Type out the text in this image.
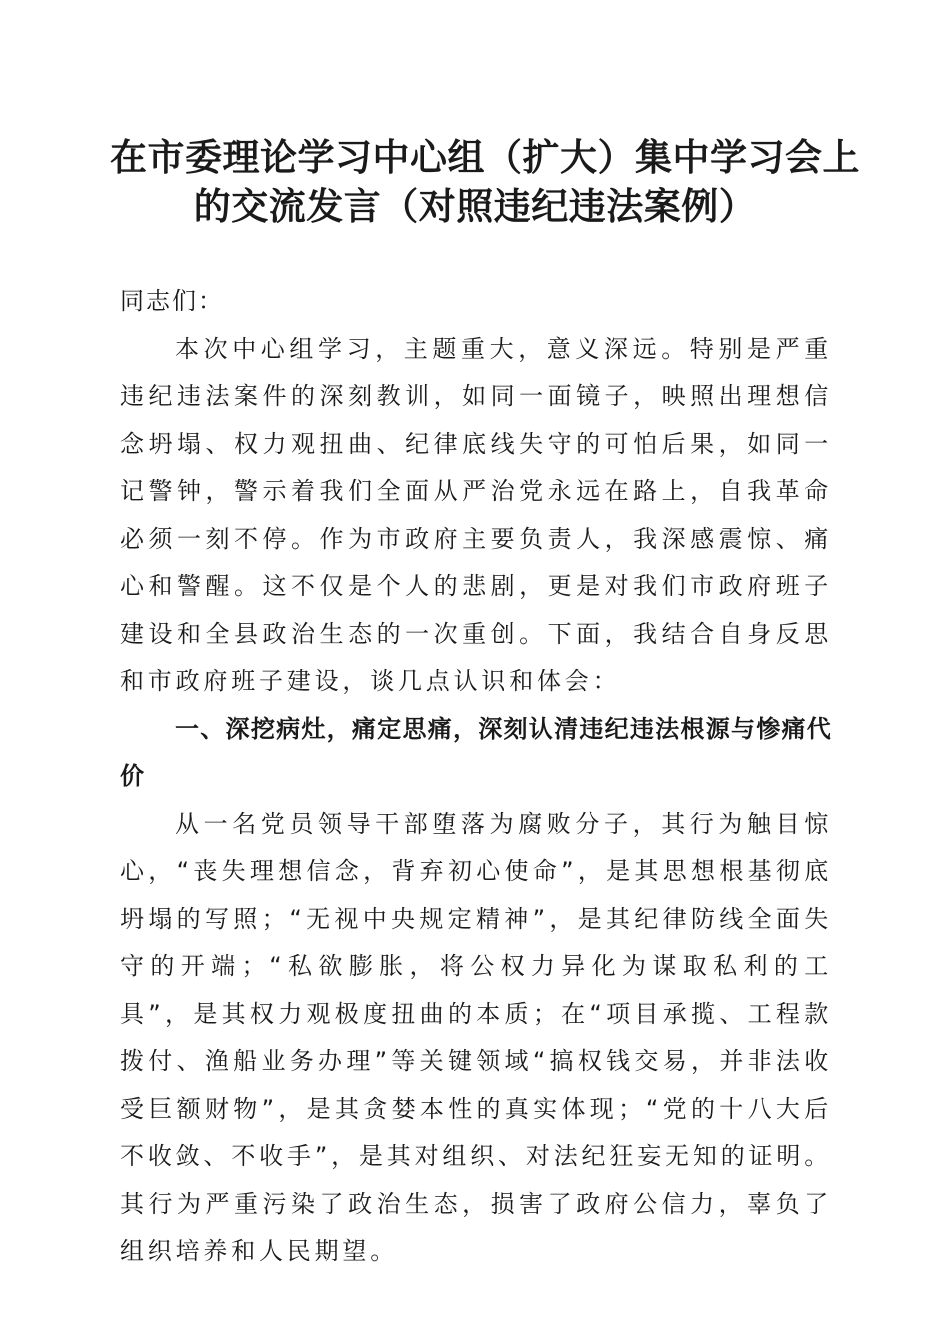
在市委理论学习中心组（扩大）集中学习会上
的交流发言（对照违纪违法案例）

同志们：

本次中心组学习，主题重大，意义深远。特别是严重违纪违法案件的深刻教训，如同一面镜子，映照出理想信念坍塌、权力观扭曲、纪律底线失守的可怕后果，如同一记警钟，警示着我们全面从严治党永远在路上，自我革命必须一刻不停。作为市政府主要负责人，我深感震惊、痛心和警醒。这不仅是个人的悲剧，更是对我们市政府班子建设和全县政治生态的一次重创。下面，我结合自身反思和市政府班子建设，谈几点认识和体会：

一、深挖病灶，痛定思痛，深刻认清违纪违法根源与惨痛代价

从一名党员领导干部堕落为腐败分子，其行为触目惊心，“丧失理想信念，背弃初心使命”，是其思想根基彻底坍塌的写照；“无视中央规定精神”，是其纪律防线全面失守的开端；“私欲膨胀，将公权力异化为谋取私利的工具”，是其权力观极度扭曲的本质；在“项目承揽、工程款拨付、渔船业务办理”等关键领域“搞权钱交易，并非法收受巨额财物”，是其贪婪本性的真实体现；“党的十八大后不收敛、不收手”，是其对组织、对法纪狂妄无知的证明。其行为严重污染了政治生态，损害了政府公信力，辜负了组织培养和人民期望。
